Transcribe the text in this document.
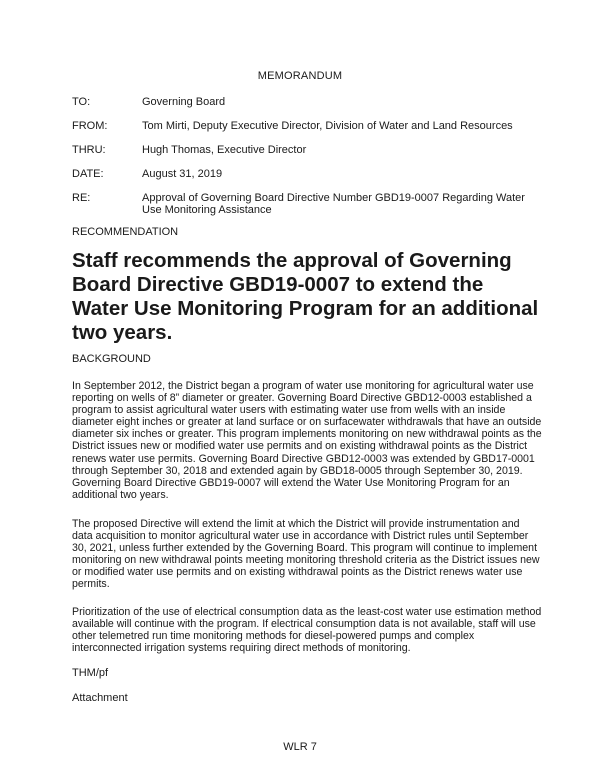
MEMORANDUM
TO:	Governing Board
FROM:	Tom Mirti, Deputy Executive Director, Division of Water and Land Resources
THRU:	Hugh Thomas, Executive Director
DATE:	August 31, 2019
RE:	Approval of Governing Board Directive Number GBD19-0007 Regarding Water Use Monitoring Assistance
RECOMMENDATION
Staff recommends the approval of Governing Board Directive GBD19-0007 to extend the Water Use Monitoring Program for an additional two years.
BACKGROUND

In September 2012, the District began a program of water use monitoring for agricultural water use reporting on wells of 8” diameter or greater. Governing Board Directive GBD12-0003 established a program to assist agricultural water users with estimating water use from wells with an inside diameter eight inches or greater at land surface or on surfacewater withdrawals that have an outside diameter six inches or greater. This program implements monitoring on new withdrawal points as the District issues new or modified water use permits and on existing withdrawal points as the District renews water use permits. Governing Board Directive GBD12-0003 was extended by GBD17-0001 through September 30, 2018 and extended again by GBD18-0005 through September 30, 2019. Governing Board Directive GBD19-0007 will extend the Water Use Monitoring Program for an additional two years.

The proposed Directive will extend the limit at which the District will provide instrumentation and data acquisition to monitor agricultural water use in accordance with District rules until September 30, 2021, unless further extended by the Governing Board. This program will continue to implement monitoring on new withdrawal points meeting monitoring threshold criteria as the District issues new or modified water use permits and on existing withdrawal points as the District renews water use permits.

Prioritization of the use of electrical consumption data as the least-cost water use estimation method available will continue with the program. If electrical consumption data is not available, staff will use other telemetred run time monitoring methods for diesel-powered pumps and complex interconnected irrigation systems requiring direct methods of monitoring.

THM/pf
Attachment
WLR 7
